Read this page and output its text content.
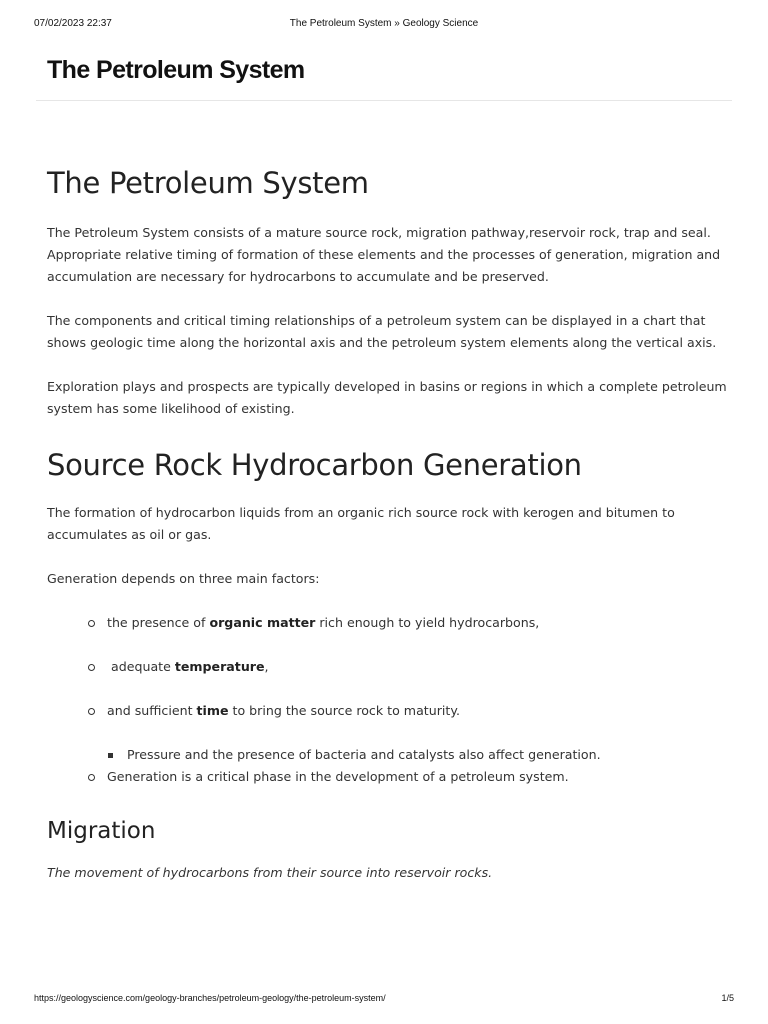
07/02/2023 22:37	The Petroleum System » Geology Science
The Petroleum System
The Petroleum System

The Petroleum System consists of a mature source rock, migration pathway,reservoir rock, trap and seal. Appropriate relative timing of formation of these elements and the processes of generation, migration and accumulation are necessary for hydrocarbons to accumulate and be preserved.

The components and critical timing relationships of a petroleum system can be displayed in a chart that shows geologic time along the horizontal axis and the petroleum system elements along the vertical axis.

Exploration plays and prospects are typically developed in basins or regions in which a complete petroleum system has some likelihood of existing.

Source Rock Hydrocarbon Generation

The formation of hydrocarbon liquids from an organic rich source rock with kerogen and bitumen to accumulates as oil or gas.

Generation depends on three main factors:

the presence of organic matter rich enough to yield hydrocarbons,
adequate temperature,
and sufficient time to bring the source rock to maturity.
Pressure and the presence of bacteria and catalysts also affect generation.
Generation is a critical phase in the development of a petroleum system.
Migration

The movement of hydrocarbons from their source into reservoir rocks.

https://geologyscience.com/geology-branches/petroleum-geology/the-petroleum-system/	1/5
